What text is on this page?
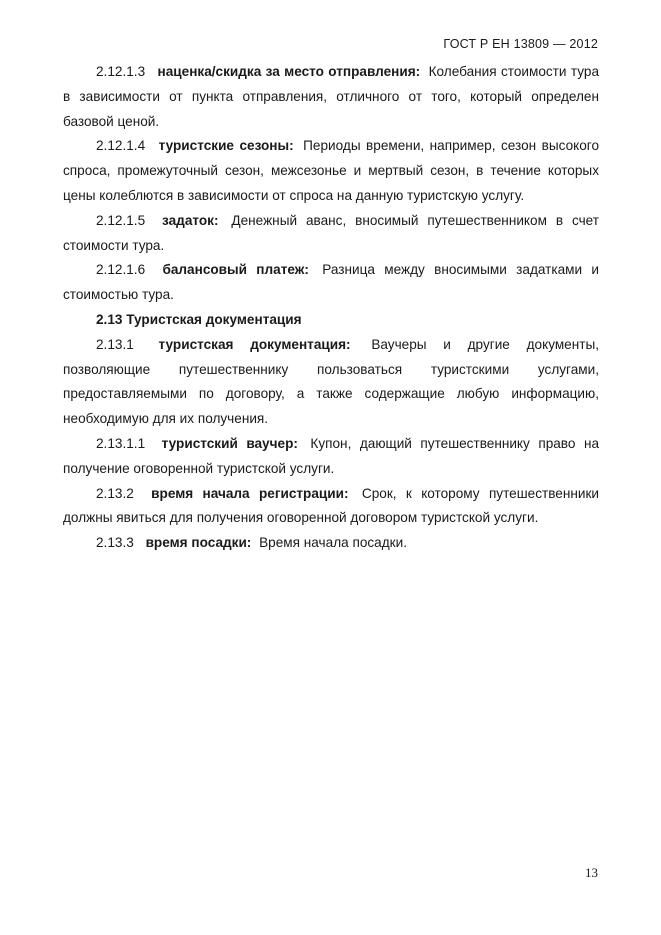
ГОСТ Р ЕН 13809 — 2012

2.12.1.3 наценка/скидка за место отправления: Колебания стоимости тура в зависимости от пункта отправления, отличного от того, который определен базовой ценой.

2.12.1.4 туристские сезоны: Периоды времени, например, сезон высокого спроса, промежуточный сезон, межсезонье и мертвый сезон, в течение которых цены колеблются в зависимости от спроса на данную туристскую услугу.

2.12.1.5 задаток: Денежный аванс, вносимый путешественником в счет стоимости тура.

2.12.1.6 балансовый платеж: Разница между вносимыми задатками и стоимостью тура.

2.13 Туристская документация

2.13.1 туристская документация: Ваучеры и другие документы, позволяющие путешественнику пользоваться туристскими услугами, предоставляемыми по договору, а также содержащие любую информацию, необходимую для их получения.

2.13.1.1 туристский ваучер: Купон, дающий путешественнику право на получение оговоренной туристской услуги.

2.13.2 время начала регистрации: Срок, к которому путешественники должны явиться для получения оговоренной договором туристской услуги.

2.13.3 время посадки: Время начала посадки.

13
